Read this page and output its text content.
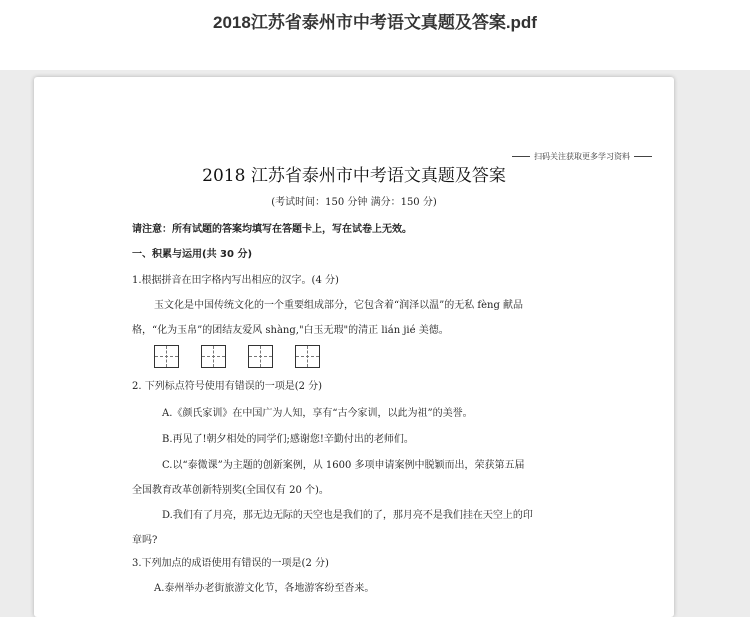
2018江苏省泰州市中考语文真题及答案.pdf
扫码关注获取更多学习资料
2018 江苏省泰州市中考语文真题及答案
(考试时间：150 分钟 满分：150 分)
请注意：所有试题的答案均填写在答题卡上，写在试卷上无效。
一、积累与运用(共 30 分)
1.根据拼音在田字格内写出相应的汉字。(4 分)
玉文化是中国传统文化的一个重要组成部分，它包含着“润泽以温”的无私 fèng 献品
格，“化为玉帛”的团结友爱风 shàng,"白玉无瑕"的清正 lián jié 美德。
2. 下列标点符号使用有错误的一项是(2 分)
A.《颜氏家训》在中国广为人知，享有“古今家训，以此为祖”的美誉。
B.再见了!朝夕相处的同学们;感谢您!辛勤付出的老师们。
C.以“泰微课”为主题的创新案例，从 1600 多项申请案例中脱颖而出，荣获第五届
全国教育改革创新特别奖(全国仅有 20 个)。
D.我们有了月亮，那无边无际的天空也是我们的了，那月亮不是我们挂在天空上的印
章吗?
3.下列加点的成语使用有错误的一项是(2 分)
A.泰州举办老街旅游文化节，各地游客纷至沓来。
